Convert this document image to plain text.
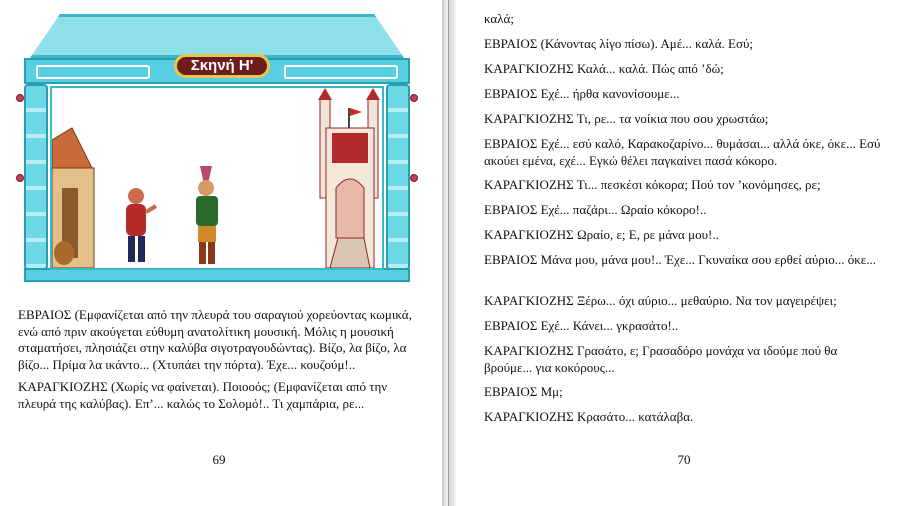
Σκηνή Η'

ΕΒΡΑΙΟΣ (Εμφανίζεται από την πλευρά του σαραγιού χορεύοντας κωμικά, ενώ από πριν ακούγεται εύθυμη ανατολίτικη μουσική. Μόλις η μουσική σταματήσει, πλησιάζει στην καλύβα σιγοτραγουδώντας). Βίζο, λα βίζο, λα βίζο... Πρίμα λα ικάντο... (Χτυπάει την πόρτα). Έχε... κουζούμ!..

ΚΑΡΑΓΚΙΟΖΗΣ (Χωρίς να φαίνεται). Ποιοοός; (Εμφανίζεται από την πλευρά της καλύβας). Επ’... καλώς το Σολομό!.. Τι χαμπάρια, ρε...

69
καλά;
ΕΒΡΑΙΟΣ (Κάνοντας λίγο πίσω). Αμέ... καλά. Εσύ;
ΚΑΡΑΓΚΙΟΖΗΣ Καλά... καλά. Πώς από ’δώ;
ΕΒΡΑΙΟΣ Εχέ... ήρθα κανονίσουμε...
ΚΑΡΑΓΚΙΟΖΗΣ Τι, ρε... τα νοίκια που σου χρωστάω;
ΕΒΡΑΙΟΣ Εχέ... εσύ καλό, Καρακοζαρίνο... θυμάσαι... αλλά όκε, όκε... Εσύ ακούει εμένα, εχέ... Εγκώ θέλει παγκαίνει πασά κόκορο.
ΚΑΡΑΓΚΙΟΖΗΣ Τι... πεσκέσι κόκορα; Πού τον ’κονόμησες, ρε;
ΕΒΡΑΙΟΣ Εχέ... παζάρι... Ωραίο κόκορο!..
ΚΑΡΑΓΚΙΟΖΗΣ Ωραίο, ε; Ε, ρε μάνα μου!..
ΕΒΡΑΙΟΣ Μάνα μου, μάνα μου!.. Έχε... Γκυναίκα σου ερθεί αύριο... όκε...
ΚΑΡΑΓΚΙΟΖΗΣ Ξέρω... όχι αύριο... μεθαύριο. Να τον μαγειρέψει;
ΕΒΡΑΙΟΣ Εχέ... Κάνει... γκρασάτο!..
ΚΑΡΑΓΚΙΟΖΗΣ Γρασάτο, ε; Γρασαδόρο μονάχα να ιδούμε πού θα βρούμε... για κοκόρους...
ΕΒΡΑΙΟΣ Μμ;
ΚΑΡΑΓΚΙΟΖΗΣ Κρασάτο... κατάλαβα.
70
